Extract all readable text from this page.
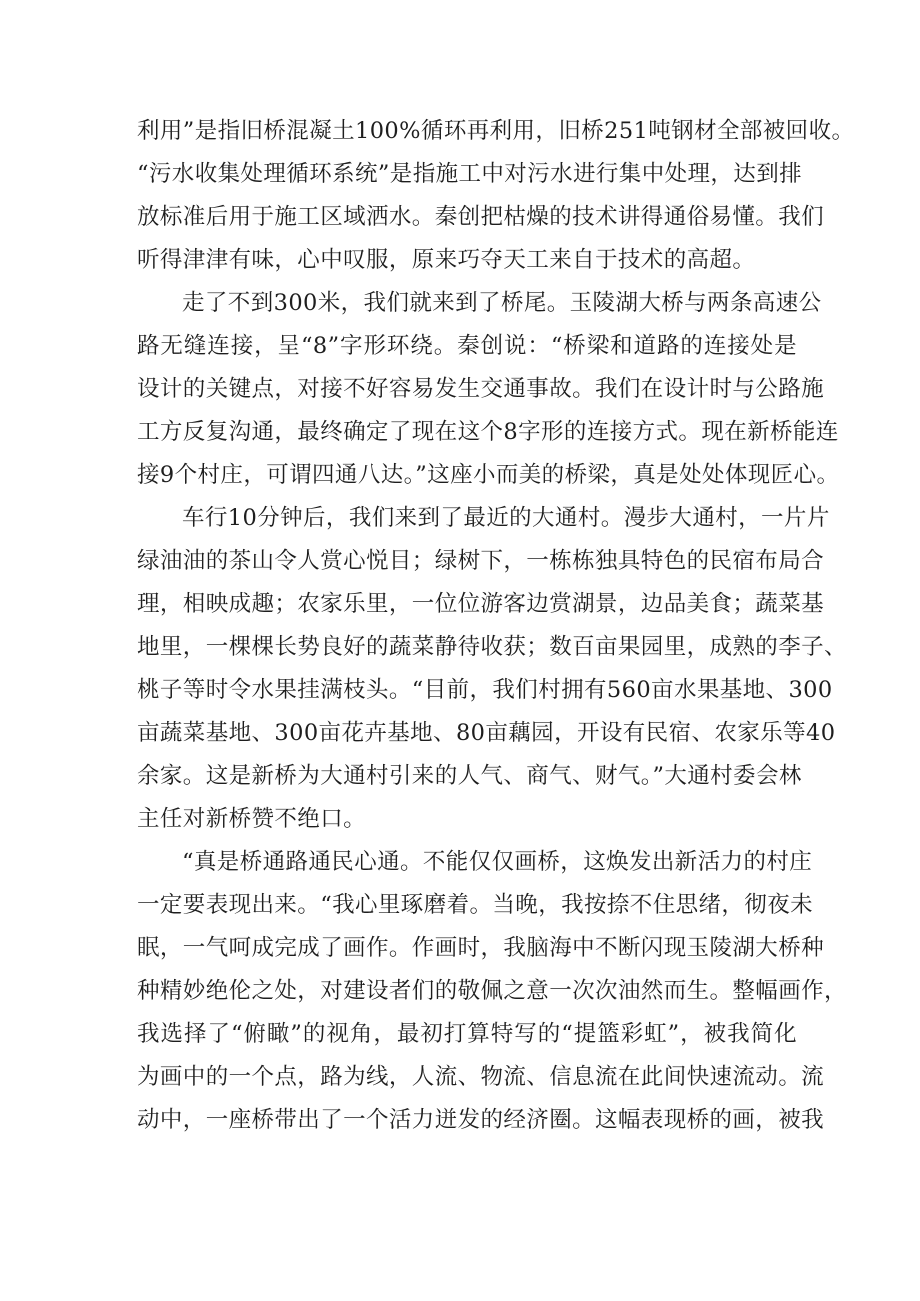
利用”是指旧桥混凝土100%循环再利用，旧桥251吨钢材全部被回收。
“污水收集处理循环系统”是指施工中对污水进行集中处理，达到排
放标准后用于施工区域洒水。秦创把枯燥的技术讲得通俗易懂。我们
听得津津有味，心中叹服，原来巧夺天工来自于技术的高超。
走了不到300米，我们就来到了桥尾。玉陵湖大桥与两条高速公
路无缝连接，呈“8”字形环绕。秦创说：“桥梁和道路的连接处是
设计的关键点，对接不好容易发生交通事故。我们在设计时与公路施
工方反复沟通，最终确定了现在这个8字形的连接方式。现在新桥能连
接9个村庄，可谓四通八达。”这座小而美的桥梁，真是处处体现匠心。
车行10分钟后，我们来到了最近的大通村。漫步大通村，一片片
绿油油的茶山令人赏心悦目；绿树下，一栋栋独具特色的民宿布局合
理，相映成趣；农家乐里，一位位游客边赏湖景，边品美食；蔬菜基
地里，一棵棵长势良好的蔬菜静待收获；数百亩果园里，成熟的李子、
桃子等时令水果挂满枝头。“目前，我们村拥有560亩水果基地、300
亩蔬菜基地、300亩花卉基地、80亩藕园，开设有民宿、农家乐等40
余家。这是新桥为大通村引来的人气、商气、财气。”大通村委会林
主任对新桥赞不绝口。
“真是桥通路通民心通。不能仅仅画桥，这焕发出新活力的村庄
一定要表现出来。“我心里琢磨着。当晚，我按捺不住思绪，彻夜未
眠，一气呵成完成了画作。作画时，我脑海中不断闪现玉陵湖大桥种
种精妙绝伦之处，对建设者们的敬佩之意一次次油然而生。整幅画作，
我选择了“俯瞰”的视角，最初打算特写的“提篮彩虹”，被我简化
为画中的一个点，路为线，人流、物流、信息流在此间快速流动。流
动中，一座桥带出了一个活力迸发的经济圈。这幅表现桥的画，被我
